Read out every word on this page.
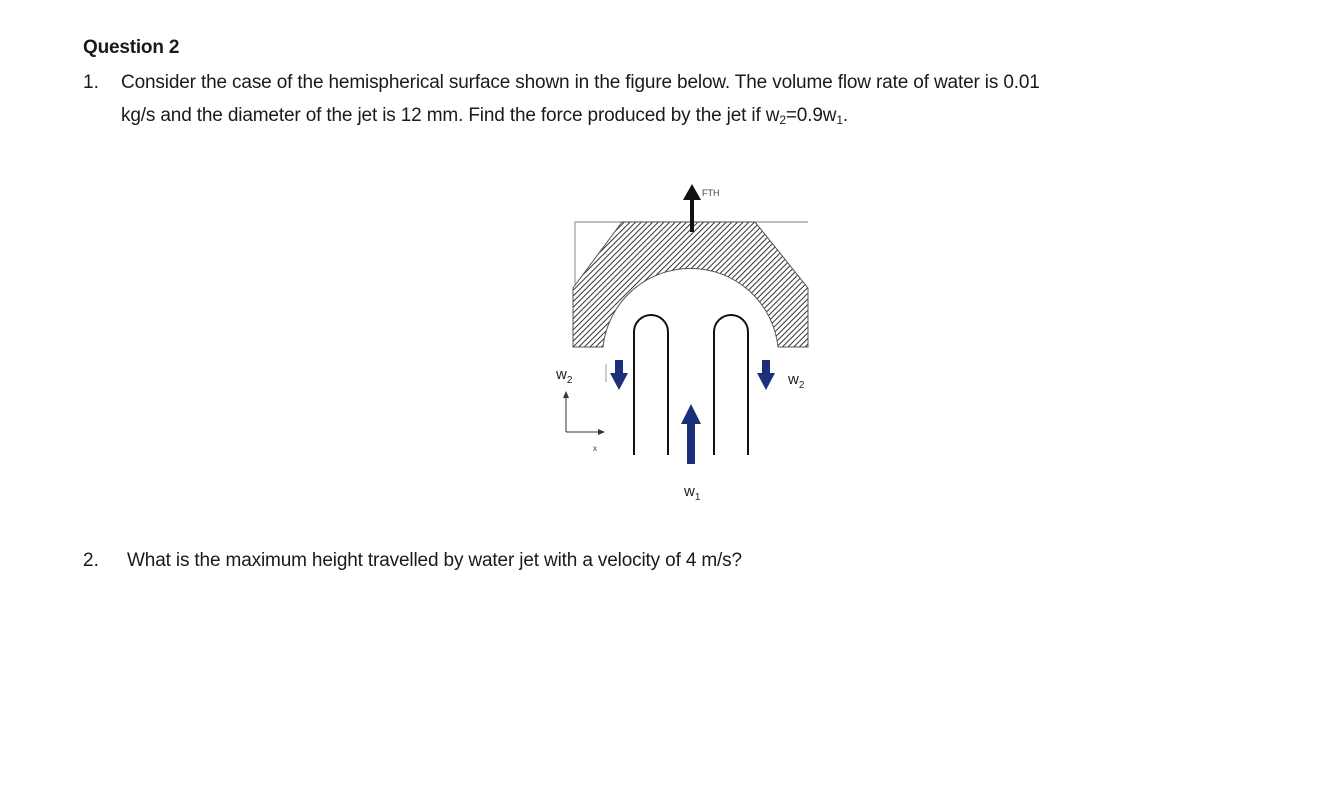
Question 2
1. Consider the case of the hemispherical surface shown in the figure below. The volume flow rate of water is 0.01
kg/s and the diameter of the jet is 12 mm. Find the force produced by the jet if $w_2=0.9w_1$.
FTH
$w_2$	$w_2$
$w_1$
x
2. What is the maximum height travelled by water jet with a velocity of 4 m/s?
